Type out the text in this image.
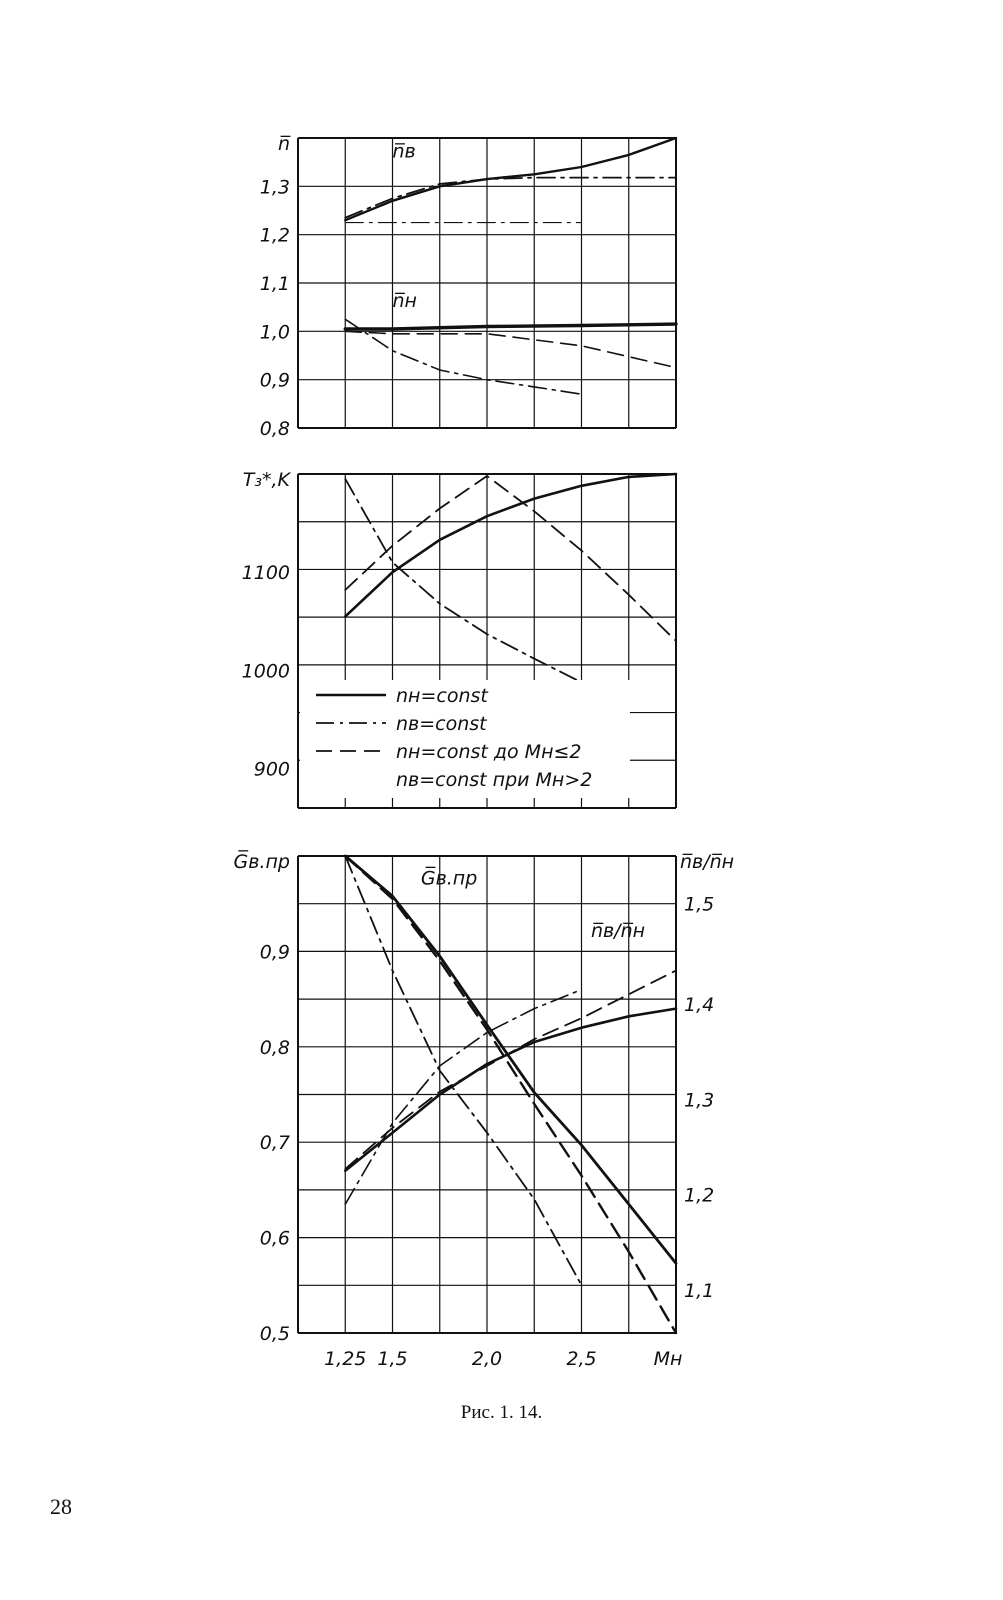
1,3
1,2
1,1
1,0
0,9
0,8
n̅	n̅в
n̅н
1100
1000
900
T₃*,K
0,9
0,8
0,7
0,6
0,5
1,5
1,4
1,3
1,2
1,1
1,25 1,5	2,0	2,5
G̅в.пр	n̅в/n̅н
Mн
G̅в.пр
n̅в/n̅н
nн=const
nв=const
nн=const до Mн≤2
nв=const при Mн>2
Рис. 1. 14.
28
